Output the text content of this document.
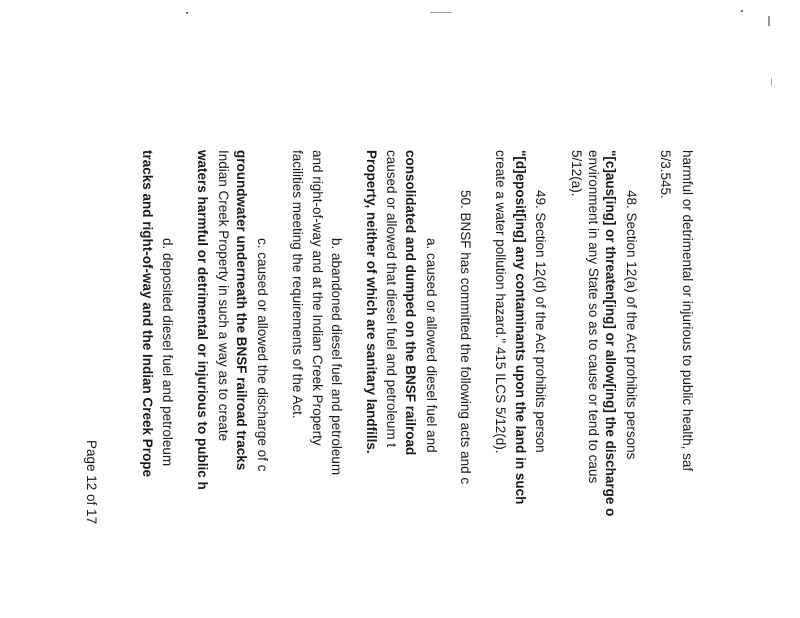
harmful or detrimental or injurious to public health, saf
5/3.545.
48. Section 12(a) of the Act prohibits persons
"[c]aus[ing] or threaten[ing] or allow[ing] the discharge o
environment in any State so as to cause or tend to caus
5/12(a).
49. Section 12(d) of the Act prohibits person
"[d]eposit[ing] any contaminants upon the land in such
create a water pollution hazard." 415 ILCS 5/12(d).
50. BNSF has committed the following acts and c
a. caused or allowed diesel fuel and
consolidated and dumped on the BNSF railroad
caused or allowed that diesel fuel and petroleum t
Property, neither of which are sanitary landfills.
b. abandoned diesel fuel and petroleum
and right-of-way and at the Indian Creek Property
facilities meeting the requirements of the Act.
c. caused or allowed the discharge of c
groundwater underneath the BNSF railroad tracks
Indian Creek Property in such a way as to create
waters harmful or detrimental or injurious to public h
d. deposited diesel fuel and petroleum
tracks and right-of-way and the Indian Creek Prope
Page 12 of 17
